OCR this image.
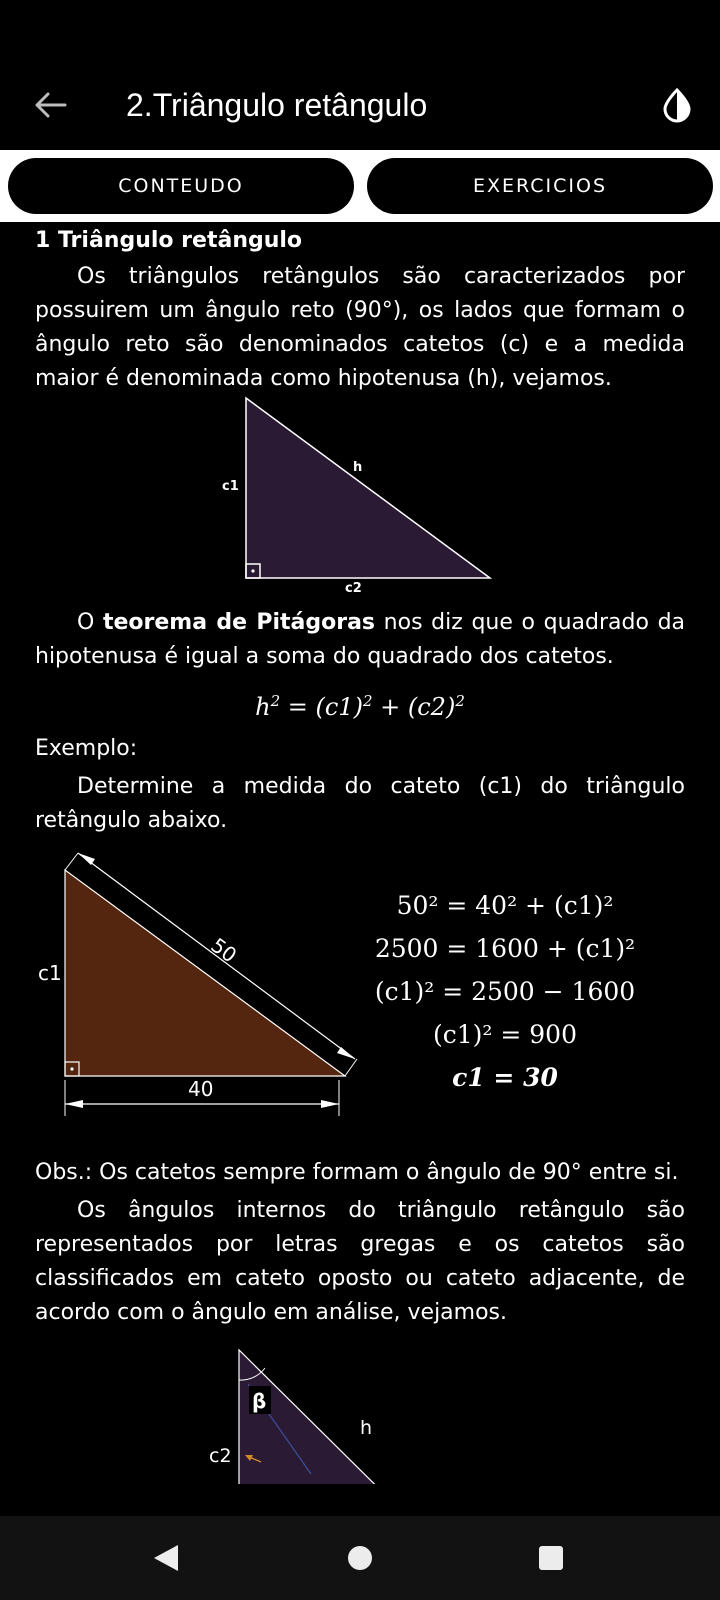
2.Triângulo retângulo
CONTEUDO	EXERCICIOS
1 Triângulo retângulo

Os triângulos retângulos são caracterizados por possuirem um ângulo reto (90°), os lados que formam o ângulo reto são denominados catetos (c) e a medida maior é denominada como hipotenusa (h), vejamos.

c1
h
c2

O teorema de Pitágoras nos diz que o quadrado da hipotenusa é igual a soma do quadrado dos catetos.

$h^2 = (c1)^2 + (c2)^2$
Exemplo:

Determine a medida do cateto (c1) do triângulo retângulo abaixo.

50
40
c1
50² = 40² + (c1)²
2500 = 1600 + (c1)²
(c1)² = 2500 − 1600
(c1)² = 900
c1 = 30

Obs.: Os catetos sempre formam o ângulo de 90° entre si.

Os ângulos internos do triângulo retângulo são representados por letras gregas e os catetos são classificados em cateto oposto ou cateto adjacente, de acordo com o ângulo em análise, vejamos.

β
h
c2
